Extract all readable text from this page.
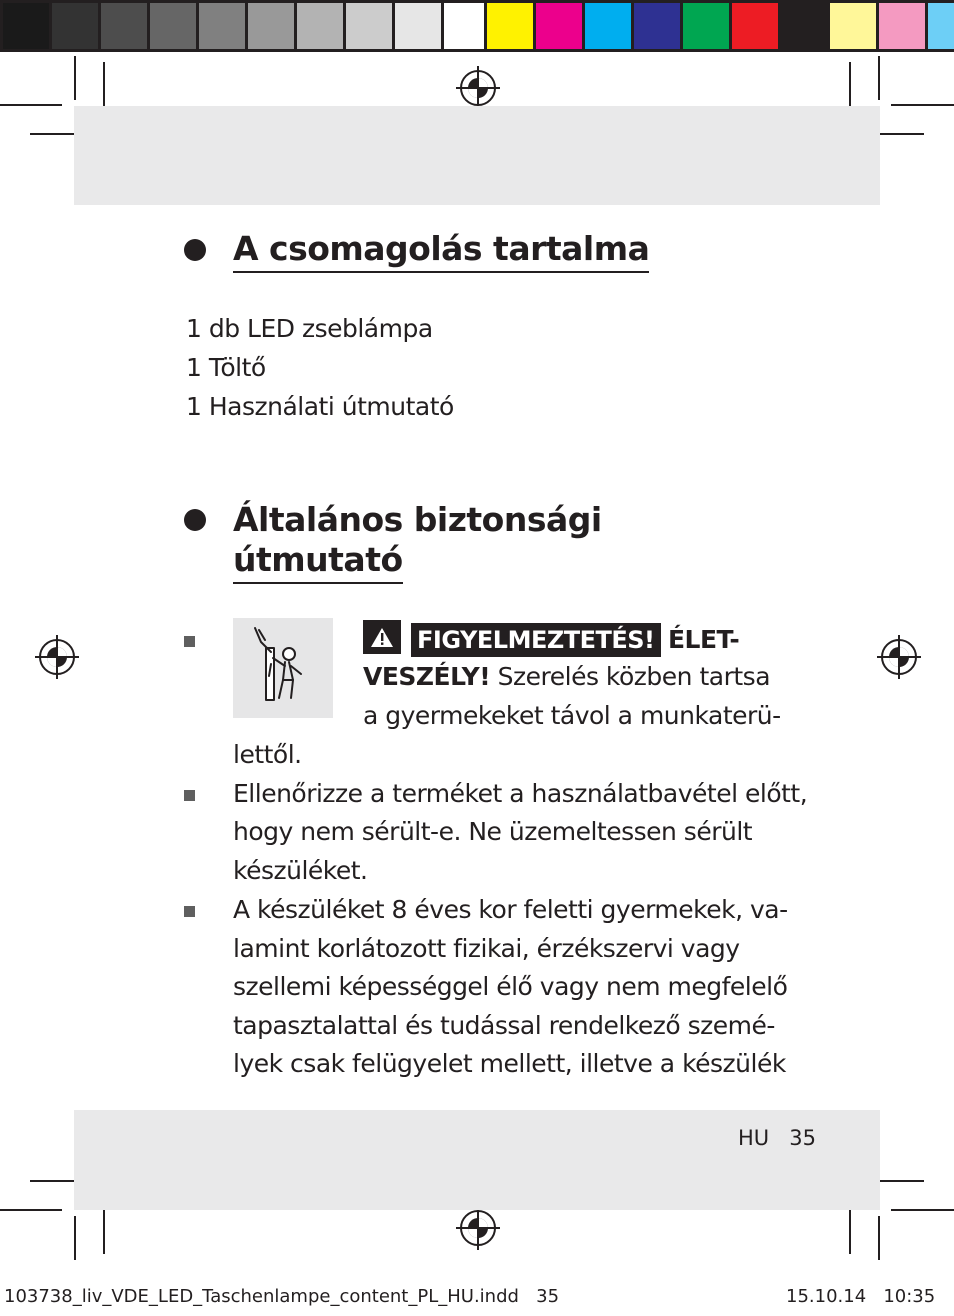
A csomagolás tartalma
1 db LED zseblámpa
1 Töltő
1 Használati útmutató
Általános biztonsági
útmutató
FIGYELMEZTETÉS! ÉLET-
VESZÉLY! Szerelés közben tartsa
a gyermekeket távol a munkaterü-
lettől.
Ellenőrizze a terméket a használatbavétel előtt,
hogy nem sérült-e. Ne üzemeltessen sérült
készüléket.
A készüléket 8 éves kor feletti gyermekek, va-
lamint korlátozott fizikai, érzékszervi vagy
szellemi képességgel élő vagy nem megfelelő
tapasztalattal és tudással rendelkező szemé-
lyek csak felügyelet mellett, illetve a készülék
HU 35
103738_liv_VDE_LED_Taschenlampe_content_PL_HU.indd 35	15.10.14 10:35
